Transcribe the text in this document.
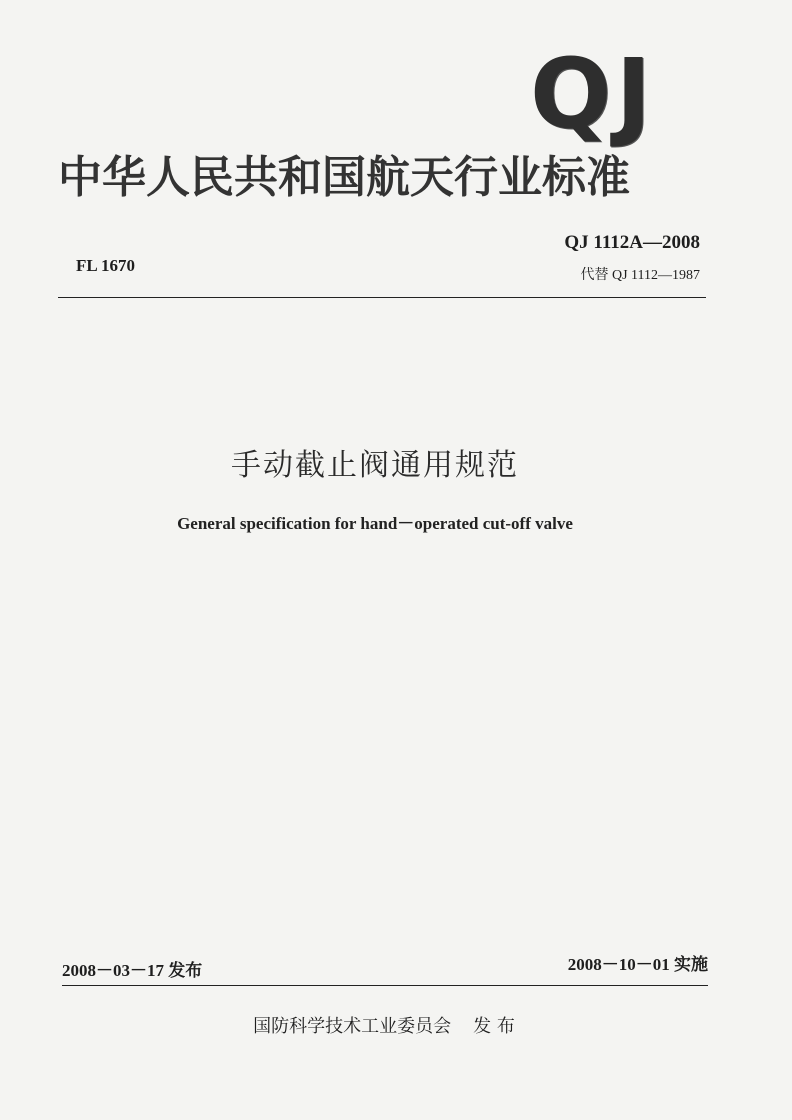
QJ
中华人民共和国航天行业标准
FL 1670
QJ 1112A—2008
代替 QJ 1112—1987
手动截止阀通用规范
General specification for hand－operated cut-off valve
2008－03－17 发布	2008－10－01 实施
国防科学技术工业委员会 发 布
